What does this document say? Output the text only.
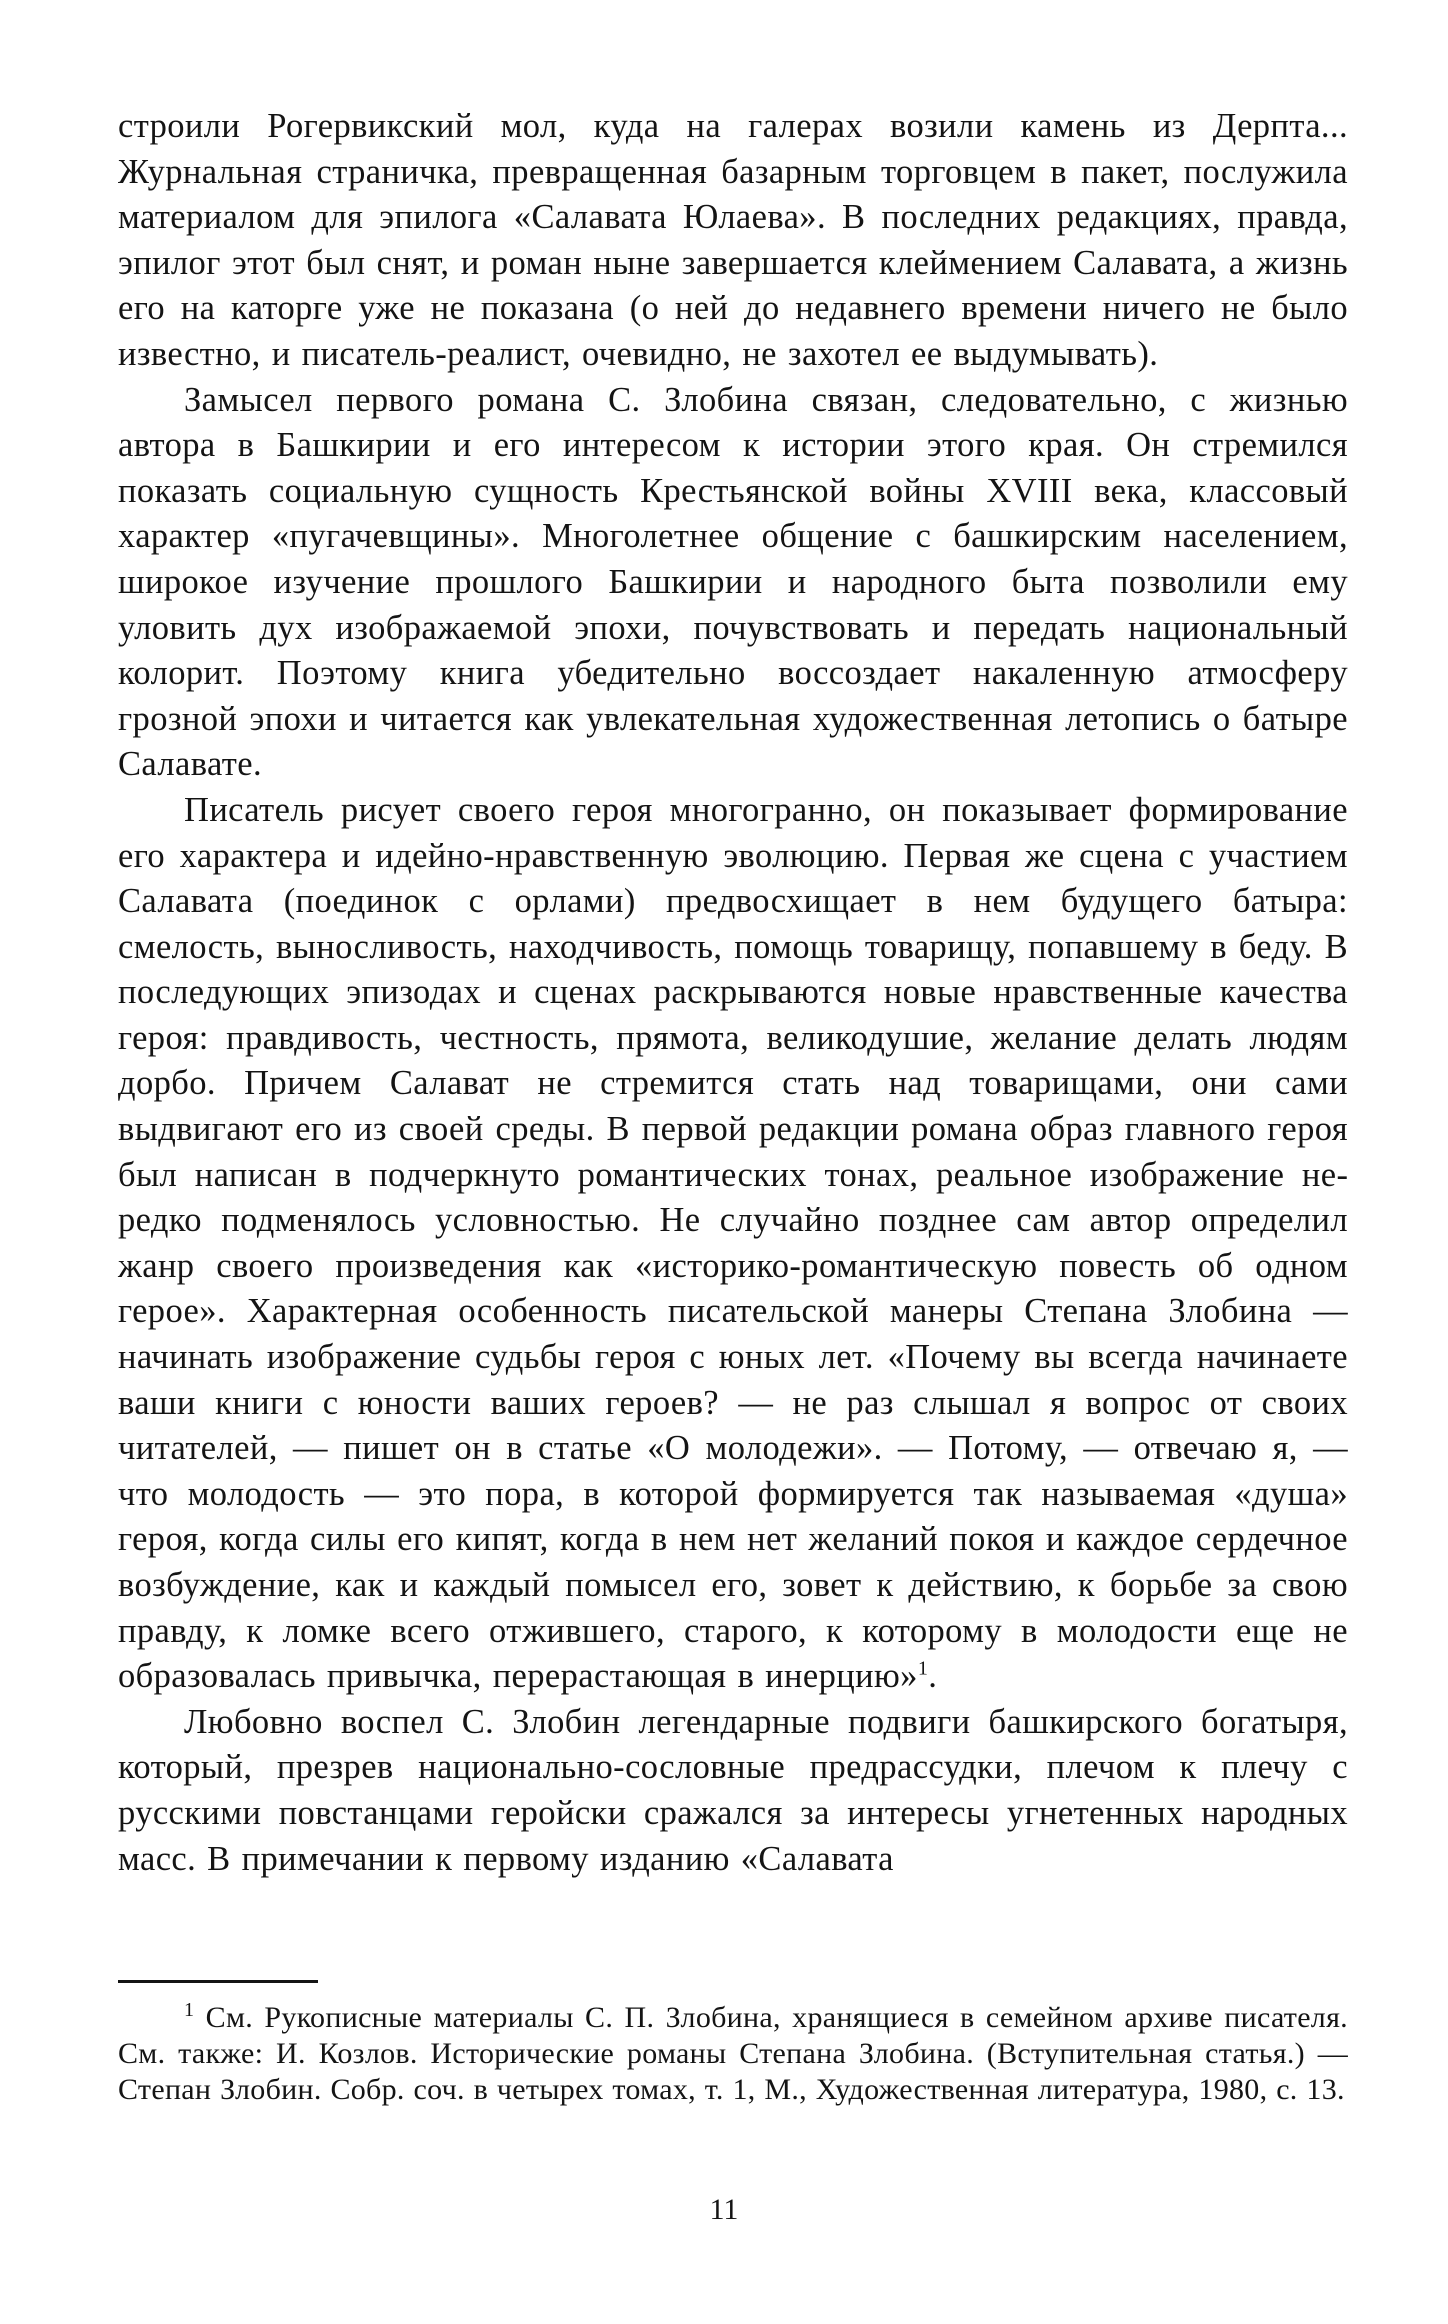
строили Рогервикский мол, куда на галерах возили камень из Дерпта... Журнальная страничка, превращенная базарным торговцем в пакет, послужила материалом для эпилога «Салавата Юлаева». В последних редакциях, правда, эпилог этот был снят, и роман ныне завершается клеймением Салавата, а жизнь его на каторге уже не показана (о ней до недавнего времени ничего не было известно, и писатель-реалист, очевидно, не захотел ее выдумывать).

Замысел первого романа С. Злобина связан, следовательно, с жизнью автора в Башкирии и его интересом к истории этого края. Он стремился показать социальную сущность Крестьянской войны XVIII века, классовый характер «пугачевщины». Многолетнее общение с башкирским населением, широкое изучение прошлого Башкирии и народного быта позволили ему уловить дух изображаемой эпохи, почувствовать и передать национальный колорит. Поэтому книга убедительно воссоздает накаленную атмосферу грозной эпохи и читается как увлекательная художественная летопись о батыре Салавате.

Писатель рисует своего героя многогранно, он показывает формирование его характера и идейно-нравственную эволюцию. Первая же сцена с участием Салавата (поединок с орлами) предвосхищает в нем будущего батыра: смелость, выносливость, находчивость, помощь товарищу, попавшему в беду. В последующих эпизодах и сценах раскрываются новые нравственные качества героя: правдивость, честность, прямота, великодушие, желание делать людям дорбо. Причем Салават не стремится стать над товарищами, они сами выдвигают его из своей среды. В первой редакции романа образ главного героя был написан в подчеркнуто романтических тонах, реальное изображение нередко подменялось условностью. Не случайно позднее сам автор определил жанр своего произведения как «историко-романтическую повесть об одном герое». Характерная особенность писательской манеры Степана Злобина — начинать изображение судьбы героя с юных лет. «Почему вы всегда начинаете ваши книги с юности ваших героев? — не раз слышал я вопрос от своих читателей, — пишет он в статье «О молодежи». — Потому, — отвечаю я, — что молодость — это пора, в которой формируется так называемая «душа» героя, когда силы его кипят, когда в нем нет желаний покоя и каждое сердечное возбуждение, как и каждый помысел его, зовет к действию, к борьбе за свою правду, к ломке всего отжившего, старого, к которому в молодости еще не образовалась привычка, перерастающая в инерцию»$^1$.

Любовно воспел С. Злобин легендарные подвиги башкирского богатыря, который, презрев национально-сословные предрассудки, плечом к плечу с русскими повстанцами геройски сражался за интересы угнетенных народных масс. В примечании к первому изданию «Салавата

$^1$ См. Рукописные материалы С. П. Злобина, хранящиеся в семейном архиве писателя. См. также: И. Козлов. Исторические романы Степана Злобина. (Вступительная статья.) — Степан Злобин. Собр. соч. в четырех томах, т. 1, М., Художественная литература, 1980, с. 13.

11
